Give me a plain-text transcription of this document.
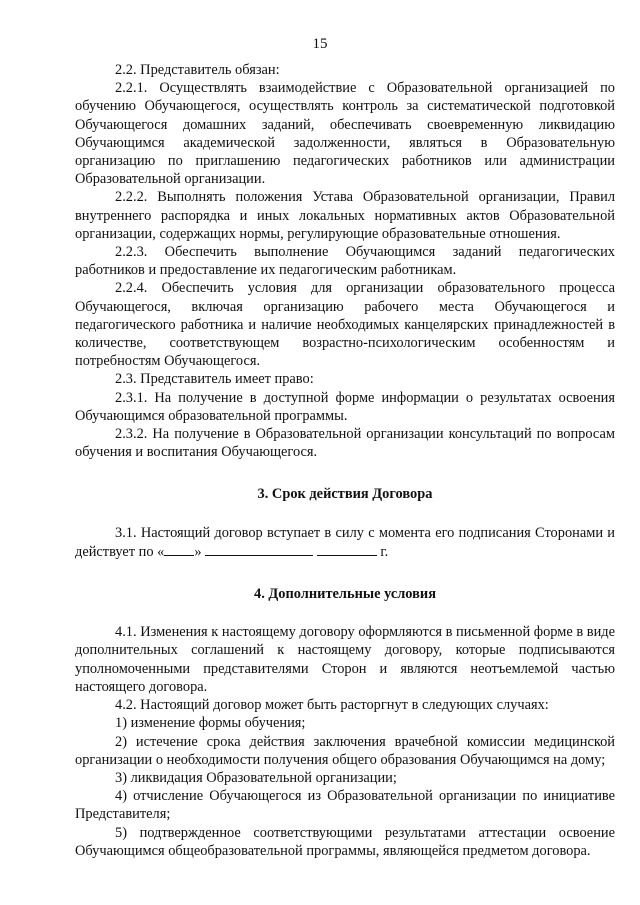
15

2.2. Представитель обязан:

2.2.1. Осуществлять взаимодействие с Образовательной организацией по обучению Обучающегося, осуществлять контроль за систематической подготовкой Обучающегося домашних заданий, обеспечивать своевременную ликвидацию Обучающимся академической задолженности, являться в Образовательную организацию по приглашению педагогических работников или администрации Образовательной организации.

2.2.2. Выполнять положения Устава Образовательной организации, Правил внутреннего распорядка и иных локальных нормативных актов Образовательной организации, содержащих нормы, регулирующие образовательные отношения.

2.2.3. Обеспечить выполнение Обучающимся заданий педагогических работников и предоставление их педагогическим работникам.

2.2.4. Обеспечить условия для организации образовательного процесса Обучающегося, включая организацию рабочего места Обучающегося и педагогического работника и наличие необходимых канцелярских принадлежностей в количестве, соответствующем возрастно-психологическим особенностям и потребностям Обучающегося.

2.3. Представитель имеет право:

2.3.1. На получение в доступной форме информации о результатах освоения Обучающимся образовательной программы.

2.3.2. На получение в Образовательной организации консультаций по вопросам обучения и воспитания Обучающегося.

3. Срок действия Договора

3.1. Настоящий договор вступает в силу с момента его подписания Сторонами и действует по « »	г.

4. Дополнительные условия

4.1. Изменения к настоящему договору оформляются в письменной форме в виде дополнительных соглашений к настоящему договору, которые подписываются уполномоченными представителями Сторон и являются неотъемлемой частью настоящего договора.

4.2. Настоящий договор может быть расторгнут в следующих случаях:

1) изменение формы обучения;

2) истечение срока действия заключения врачебной комиссии медицинской организации о необходимости получения общего образования Обучающимся на дому;

3) ликвидация Образовательной организации;

4) отчисление Обучающегося из Образовательной организации по инициативе Представителя;

5) подтвержденное соответствующими результатами аттестации освоение Обучающимся общеобразовательной программы, являющейся предметом договора.
